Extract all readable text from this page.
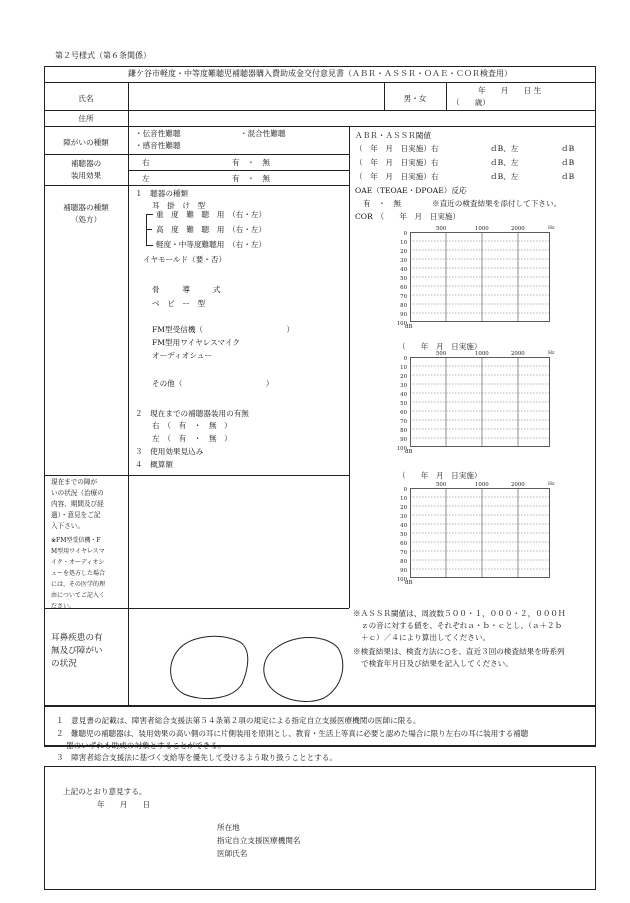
第２号様式（第６条関係）
鎌ケ谷市軽度・中等度難聴児補聴器購入費助成金交付意見書（ＡＢＲ・ＡＳＳＲ・ＯＡＥ・ＣＯＲ検査用）
氏名	男・女
年　　月　　日 生
（　　歳）
住所
障がいの種類
・伝音性難聴	・混合性難聴
・感音性難聴
補聴器の
装用効果
右	有　・　無
左	有　・　無
補聴器の種類
（処方）
１　聴器の種類
耳　掛　け　型
重　度　難　聴　用　（右・左）
高　度　難　聴　用　（右・左）
軽度・中等度難聴用　（右・左）
イヤモールド（要・否）
骨　　　導　　　式
ベ　ビ　ー　型
FM型受信機（　　　　　　　　　　　）
FM型用ワイヤレスマイク
オーディオシュー
その他（　　　　　　　　　　　）
２　現在までの補聴器装用の有無
右　（　有　・　無　）
左　（　有　・　無　）
３　使用効果見込み
４　概算額
現在までの障が
いの状況（治療の
内容、期間及び経
過）・意見をご記
入下さい。
※FM型受信機・F
M型用ワイヤレスマ
イク・オーディオシ
ューを処方した場合
には、その医学的理
由についてご記入く
ださい。
耳鼻疾患の有
無及び障がい
の状況
ＡＢＲ・ＡＳＳＲ閾値
（　年　月　日実施）右	ｄB、左	ｄB
（　年　月　日実施）右	ｄB、左	ｄB
（　年　月　日実施）右	ｄB、左	ｄB
OAE（TEOAE・DPOAE）反応
有　・　無	※直近の検査結果を添付して下さい。
COR　（　　年　月　日実施）
500	1000	2000	Hz
dB
0
10
20
30
40
50
60
70
80
90
100
（　　年　月　日実施）
500	1000	2000	Hz
dB
0
10
20
30
40
50
60
70
80
90
100
（　　年　月　日実施）
500	1000	2000	Hz
dB
0
10
20
30
40
50
60
70
80
90
100
※ＡＳＳＲ閾値は、周波数５００・１，０００・２，０００Ｈ
ｚの音に対する値を、それぞれａ・ｂ・ｃとし、（ａ＋２ｂ
＋ｃ）／４により算出してください。
※検査結果は、検査方法に○を、直近３回の検査結果を時系列
で検査年月日及び結果を記入してください。
１　意見書の記載は、障害者総合支援法第５４条第２項の規定による指定自立支援医療機関の医師に限る。
２　難聴児の補聴器は、装用効果の高い側の耳に片側装用を原則とし、教育・生活上等真に必要と認めた場合に限り左右の耳に装用する補聴
器のいずれも助成の対象とすることができる。
３　障害者総合支援法に基づく支給等を優先して受けるよう取り扱うこととする。
上記のとおり意見する。
年　　月　　日
所在地
指定自立支援医療機関名
医師氏名
